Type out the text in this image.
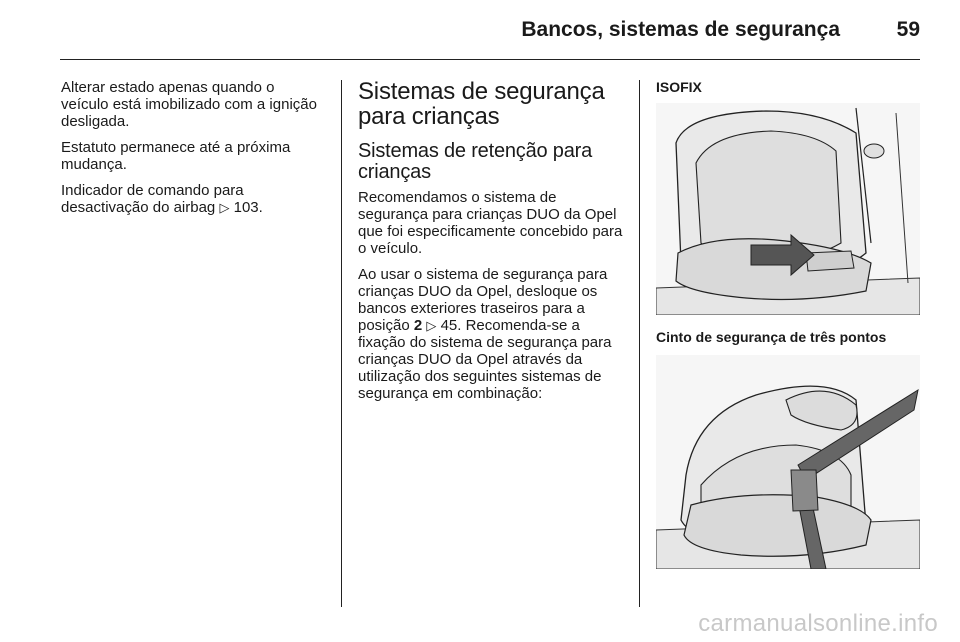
Bancos, sistemas de segurança	59

Alterar estado apenas quando o veículo está imobilizado com a ignição desligada.

Estatuto permanece até a próxima mudança.

Indicador de comando para desactivação do airbag ▷ 103.

Sistemas de segurança para crianças
Sistemas de retenção para crianças

Recomendamos o sistema de segurança para crianças DUO da Opel que foi especificamente concebido para o veículo.

Ao usar o sistema de segurança para crianças DUO da Opel, desloque os bancos exteriores traseiros para a posição 2 ▷ 45. Recomenda-se a fixação do sistema de segurança para crianças DUO da Opel através da utilização dos seguintes sistemas de segurança em combinação:

ISOFIX
Cinto de segurança de três pontos
carmanualsonline.info
